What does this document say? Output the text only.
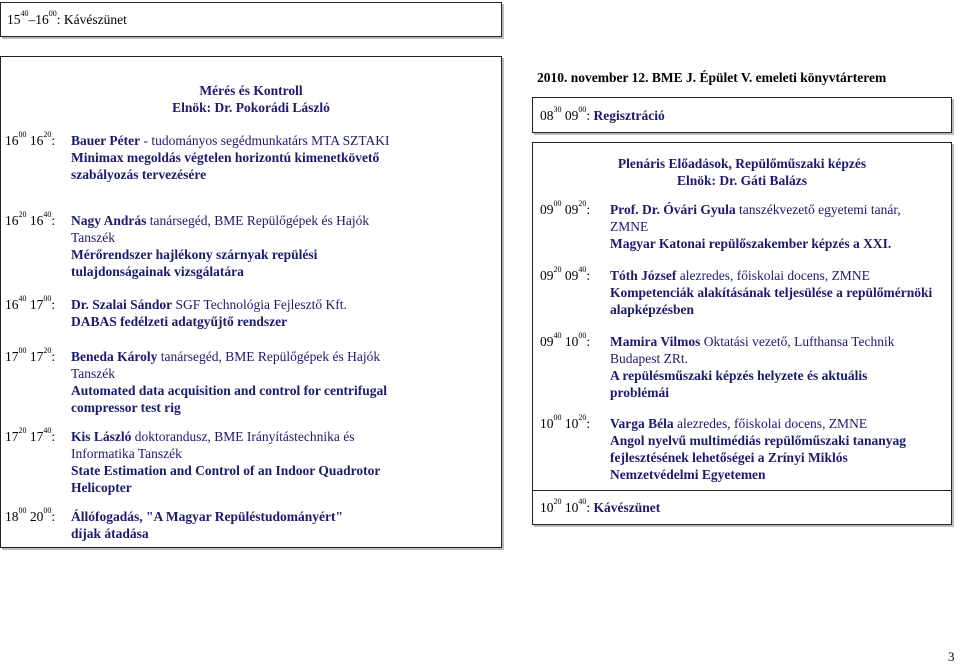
$15^{40}-16^{00}$: Kávészünet
Mérés és Kontroll
Elnök: Dr. Pokorádi László
$16^{00}$ $16^{20}$: Bauer Péter - tudományos segédmunkatárs MTA SZTAKI
Minimax megoldás végtelen horizontú kimenetkövető szabályozás tervezésére
$16^{20}$ $16^{40}$: Nagy András tanársegéd, BME Repülőgépek és Hajók Tanszék
Mérőrendszer hajlékony szárnyak repülési tulajdonságainak vizsgálatára
$16^{40}$ $17^{00}$: Dr. Szalai Sándor SGF Technológia Fejlesztő Kft.
DABAS fedélzeti adatgyűjtő rendszer
$17^{00}$ $17^{20}$: Beneda Károly tanársegéd, BME Repülőgépek és Hajók Tanszék
Automated data acquisition and control for centrifugal compressor test rig
$17^{20}$ $17^{40}$: Kis László doktorandusz, BME Irányítástechnika és Informatika Tanszék
State Estimation and Control of an Indoor Quadrotor Helicopter
$18^{00}$ $20^{00}$: Állófogadás, "A Magyar Repüléstudományért" díjak átadása
2010. november 12. BME J. Épület V. emeleti könyvtárterem
$08^{30}$ $09^{00}$: Regisztráció
Plenáris Előadások, Repülőműszaki képzés
Elnök: Dr. Gáti Balázs
$09^{00}$ $09^{20}$: Prof. Dr. Óvári Gyula tanszékvezető egyetemi tanár, ZMNE
Magyar Katonai repülőszakember képzés a XXI.
$09^{20}$ $09^{40}$: Tóth József alezredes, főiskolai docens, ZMNE
Kompetenciák alakításának teljesülése a repülőmérnöki alapképzésben
$09^{40}$ $10^{00}$: Mamira Vilmos Oktatási vezető, Lufthansa Technik Budapest ZRt.
A repülésműszaki képzés helyzete és aktuális problémái
$10^{00}$ $10^{20}$: Varga Béla alezredes, főiskolai docens, ZMNE
Angol nyelvű multimédiás repülőműszaki tananyag fejlesztésének lehetőségei a Zrínyi Miklós Nemzetvédelmi Egyetemen
$10^{20}$ $10^{40}$: Kávészünet
3
